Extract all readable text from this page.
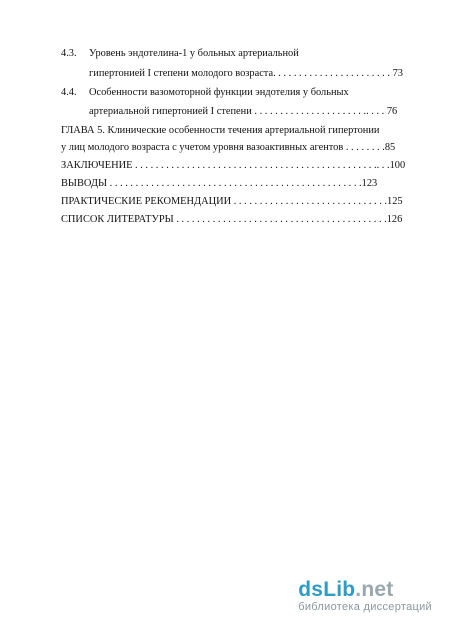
4.3. Уровень эндотелина-1 у больных артериальной
гипертонией I степени молодого возраста. . . . . . . . . . . . . . . . . . . . . . . 73
4.4. Особенности вазомоторной функции эндотелия у больных
артериальной гипертонией I степени . . . . . . . . . . . . . . . . . . . . . .. . . . 76
ГЛАВА 5. Клинические особенности течения артериальной гипертонии
у лиц молодого возраста с учетом уровня вазоактивных агентов . . . . . . . .85
ЗАКЛЮЧЕНИЕ . . . . . . . . . . . . . . . . . . . . . . . . . . . . . . . . . . . . . . . . . . . . . . .. . .100
ВЫВОДЫ . . . . . . . . . . . . . . . . . . . . . . . . . . . . . . . . . . . . . . . . . . . . . . . . .123
ПРАКТИЧЕСКИЕ РЕКОМЕНДАЦИИ . . . . . . . . . . . . . . . . . . . . . . . . . . . . . .125
СПИСОК ЛИТЕРАТУРЫ . . . . . . . . . . . . . . . . . . . . . . . . . . . . . . . . . . . . . . . . .126
dsLib.net
библиотека диссертаций
